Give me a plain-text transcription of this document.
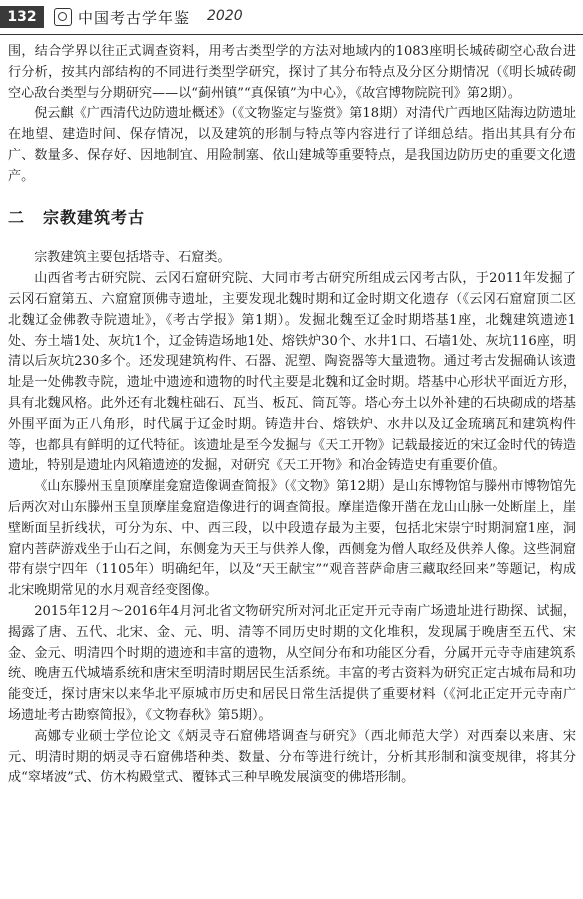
132	中国考古学年鉴 2020

围，结合学界以往正式调查资料，用考古类型学的方法对地域内的1083座明长城砖砌空心敌台进行分析，按其内部结构的不同进行类型学研究，探讨了其分布特点及分区分期情况（《明长城砖砌空心敌台类型与分期研究——以“蓟州镇”“真保镇”为中心》，《故宫博物院院刊》第2期）。

倪云麒《广西清代边防遗址概述》（《文物鉴定与鉴赏》第18期）对清代广西地区陆海边防遗址在地望、建造时间、保存情况，以及建筑的形制与特点等内容进行了详细总结。指出其具有分布广、数量多、保存好、因地制宜、用险制塞、依山建城等重要特点，是我国边防历史的重要文化遗产。

二 宗教建筑考古

宗教建筑主要包括塔寺、石窟类。

山西省考古研究院、云冈石窟研究院、大同市考古研究所组成云冈考古队，于2011年发掘了云冈石窟第五、六窟窟顶佛寺遗址，主要发现北魏时期和辽金时期文化遗存（《云冈石窟窟顶二区北魏辽金佛教寺院遗址》，《考古学报》第1期）。发掘北魏至辽金时期塔基1座，北魏建筑遗迹1处、夯土墙1处、灰坑1个，辽金铸造场地1处、熔铁炉30个、水井1口、石墙1处、灰坑116座，明清以后灰坑230多个。还发现建筑构件、石器、泥塑、陶瓷器等大量遗物。通过考古发掘确认该遗址是一处佛教寺院，遗址中遗迹和遗物的时代主要是北魏和辽金时期。塔基中心形状平面近方形，具有北魏风格。此外还有北魏柱础石、瓦当、板瓦、筒瓦等。塔心夯土以外补建的石块砌成的塔基外围平面为正八角形，时代属于辽金时期。铸造井台、熔铁炉、水井以及辽金琉璃瓦和建筑构件等，也都具有鲜明的辽代特征。该遗址是至今发掘与《天工开物》记载最接近的宋辽金时代的铸造遗址，特别是遗址内风箱遗迹的发掘，对研究《天工开物》和冶金铸造史有重要价值。

《山东滕州玉皇顶摩崖龛窟造像调查简报》（《文物》第12期）是山东博物馆与滕州市博物馆先后两次对山东滕州玉皇顶摩崖龛窟造像进行的调查简报。摩崖造像开凿在龙山山脉一处断崖上，崖壁断面呈折线状，可分为东、中、西三段，以中段遗存最为主要，包括北宋崇宁时期洞窟1座，洞窟内菩萨游戏坐于山石之间，东侧龛为天王与供养人像，西侧龛为僧人取经及供养人像。这些洞窟带有崇宁四年（1105年）明确纪年，以及“天王献宝”“观音菩萨命唐三藏取经回来”等题记，构成北宋晚期常见的水月观音经变图像。

2015年12月～2016年4月河北省文物研究所对河北正定开元寺南广场遗址进行勘探、试掘，揭露了唐、五代、北宋、金、元、明、清等不同历史时期的文化堆积，发现属于晚唐至五代、宋金、金元、明清四个时期的遗迹和丰富的遗物，从空间分布和功能区分看，分属开元寺寺庙建筑系统、晚唐五代城墙系统和唐宋至明清时期居民生活系统。丰富的考古资料为研究正定古城布局和功能变迁，探讨唐宋以来华北平原城市历史和居民日常生活提供了重要材料（《河北正定开元寺南广场遗址考古勘察简报》，《文物春秋》第5期）。

高娜专业硕士学位论文《炳灵寺石窟佛塔调查与研究》（西北师范大学）对西秦以来唐、宋元、明清时期的炳灵寺石窟佛塔种类、数量、分布等进行统计，分析其形制和演变规律，将其分成“窣堵波”式、仿木构殿堂式、覆钵式三种早晚发展演变的佛塔形制。
